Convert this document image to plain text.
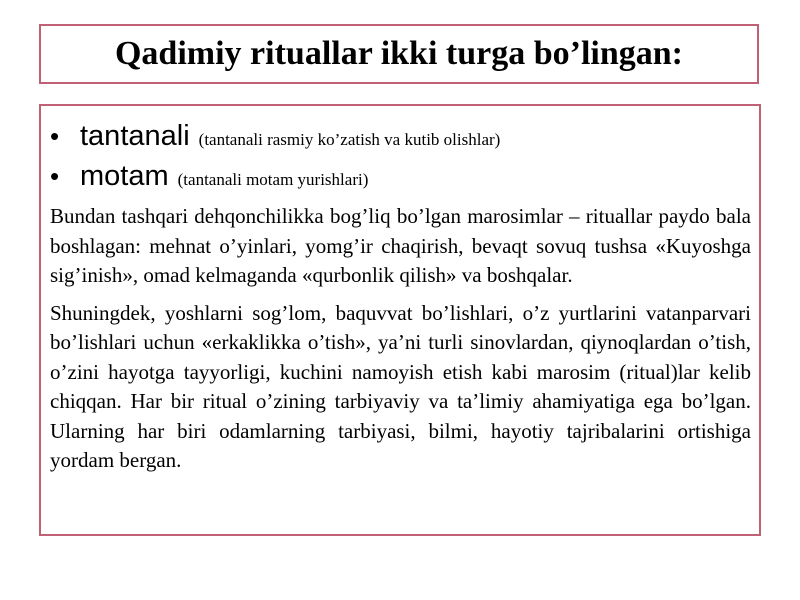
Qadimiy rituallar ikki turga bo’lingan:
• tantanali (tantanali rasmiy ko’zatish va kutib olishlar)
• motam (tantanali motam yurishlari)

Bundan tashqari dehqonchilikka bog’liq bo’lgan marosimlar – rituallar paydo bala boshlagan: mehnat o’yinlari, yomg’ir chaqirish, bevaqt sovuq tushsa «Kuyoshga sig’inish», omad kelmaganda «qurbonlik qilish» va boshqalar.

Shuningdek, yoshlarni sog’lom, baquvvat bo’lishlari, o’z yurtlarini vatanparvari bo’lishlari uchun «erkaklikka o’tish», ya’ni turli sinovlardan, qiynoqlardan o’tish, o’zini hayotga tayyorligi, kuchini namoyish etish kabi marosim (ritual)lar kelib chiqqan. Har bir ritual o’zining tarbiyaviy va ta’limiy ahamiyatiga ega bo’lgan. Ularning har biri odamlarning tarbiyasi, bilmi, hayotiy tajribalarini ortishiga yordam bergan.
